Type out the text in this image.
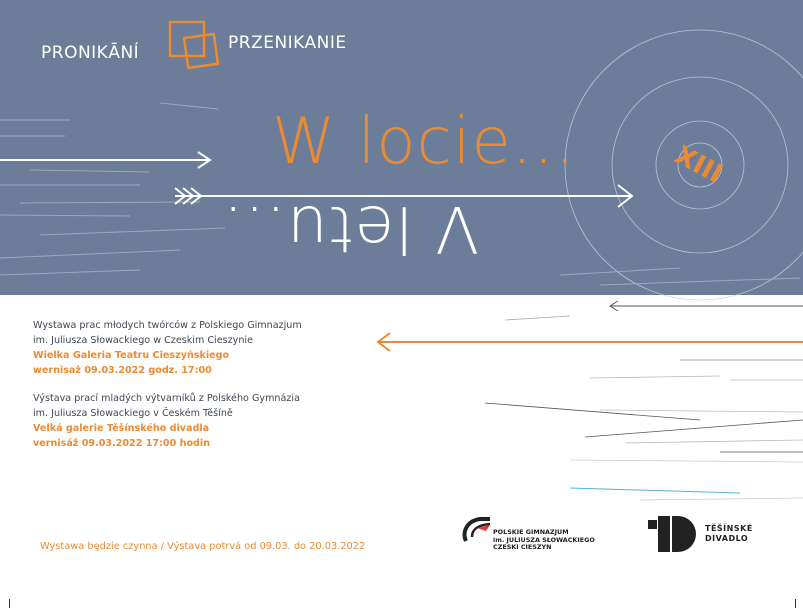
PRONIKĀNÍ	PRZENIKANIE
W locie...
V letu...
XIII
Wystawa prac młodych twórców z Polskiego Gimnazjum
im. Juliusza Słowackiego w Czeskim Cieszynie
Wielka Galeria Teatru Cieszyńskiego
wernisaż 09.03.2022 godz. 17:00
Výstava prací mladých výtvarníků z Polského Gymnázia
im. Juliusza Słowackiego v Českém Těšíně
Velká galerie Těšínského divadla
vernisáž 09.03.2022 17:00 hodin
Wystawa będzie czynna / Výstava potrvá od 09.03. do 20.03.2022
POLSKIE GIMNAZJUM
im. JULIUSZA SŁOWACKIEGO
CZESKI CIESZYN
TĚŠÍNSKÉ
DIVADLO
